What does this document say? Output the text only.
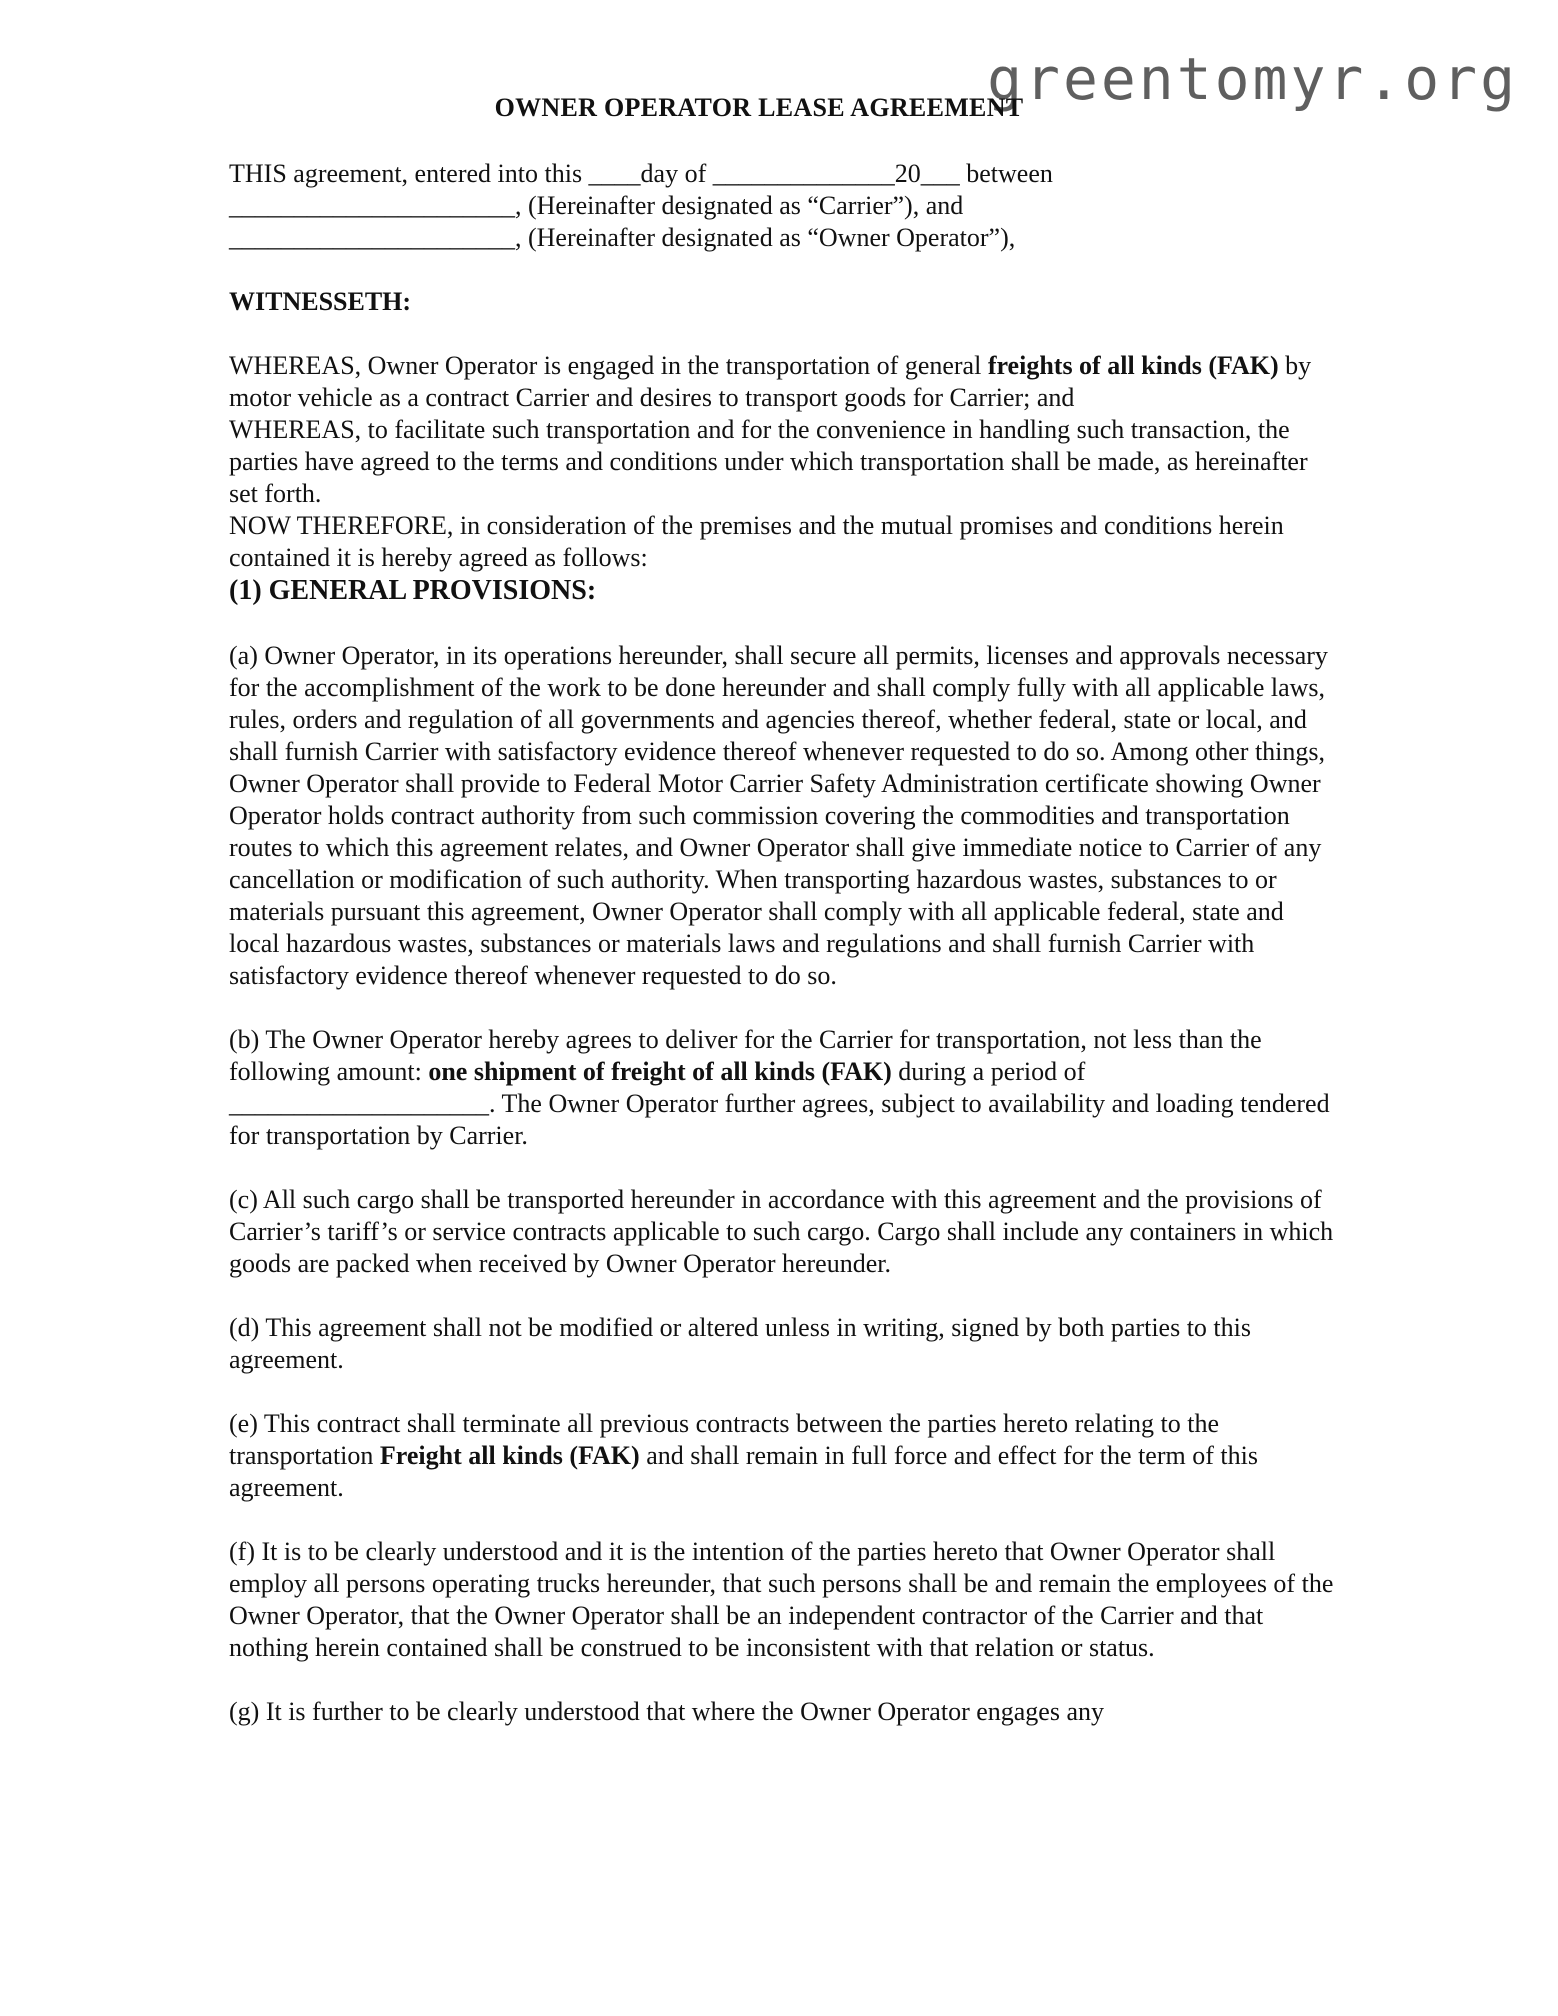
greentomyr.org
OWNER OPERATOR LEASE AGREEMENT

THIS agreement, entered into this ____day of ______________20___ between

______________________, (Hereinafter designated as “Carrier”), and

______________________, (Hereinafter designated as “Owner Operator”),

WITNESSETH:

WHEREAS, Owner Operator is engaged in the transportation of general freights of all kinds (FAK) by motor vehicle as a contract Carrier and desires to transport goods for Carrier; and

WHEREAS, to facilitate such transportation and for the convenience in handling such transaction, the parties have agreed to the terms and conditions under which transportation shall be made, as hereinafter set forth.

NOW THEREFORE, in consideration of the premises and the mutual promises and conditions herein contained it is hereby agreed as follows:

(1) GENERAL PROVISIONS:

(a) Owner Operator, in its operations hereunder, shall secure all permits, licenses and approvals necessary for the accomplishment of the work to be done hereunder and shall comply fully with all applicable laws, rules, orders and regulation of all governments and agencies thereof, whether federal, state or local, and shall furnish Carrier with satisfactory evidence thereof whenever requested to do so. Among other things, Owner Operator shall provide to Federal Motor Carrier Safety Administration certificate showing Owner Operator holds contract authority from such commission covering the commodities and transportation routes to which this agreement relates, and Owner Operator shall give immediate notice to Carrier of any cancellation or modification of such authority. When transporting hazardous wastes, substances to or materials pursuant this agreement, Owner Operator shall comply with all applicable federal, state and local hazardous wastes, substances or materials laws and regulations and shall furnish Carrier with satisfactory evidence thereof whenever requested to do so.

(b) The Owner Operator hereby agrees to deliver for the Carrier for transportation, not less than the following amount: one shipment of freight of all kinds (FAK) during a period of ____________________. The Owner Operator further agrees, subject to availability and loading tendered for transportation by Carrier.

(c) All such cargo shall be transported hereunder in accordance with this agreement and the provisions of Carrier’s tariff’s or service contracts applicable to such cargo. Cargo shall include any containers in which goods are packed when received by Owner Operator hereunder.

(d) This agreement shall not be modified or altered unless in writing, signed by both parties to this agreement.

(e) This contract shall terminate all previous contracts between the parties hereto relating to the transportation Freight all kinds (FAK) and shall remain in full force and effect for the term of this agreement.

(f) It is to be clearly understood and it is the intention of the parties hereto that Owner Operator shall employ all persons operating trucks hereunder, that such persons shall be and remain the employees of the Owner Operator, that the Owner Operator shall be an independent contractor of the Carrier and that nothing herein contained shall be construed to be inconsistent with that relation or status.

(g) It is further to be clearly understood that where the Owner Operator engages any
